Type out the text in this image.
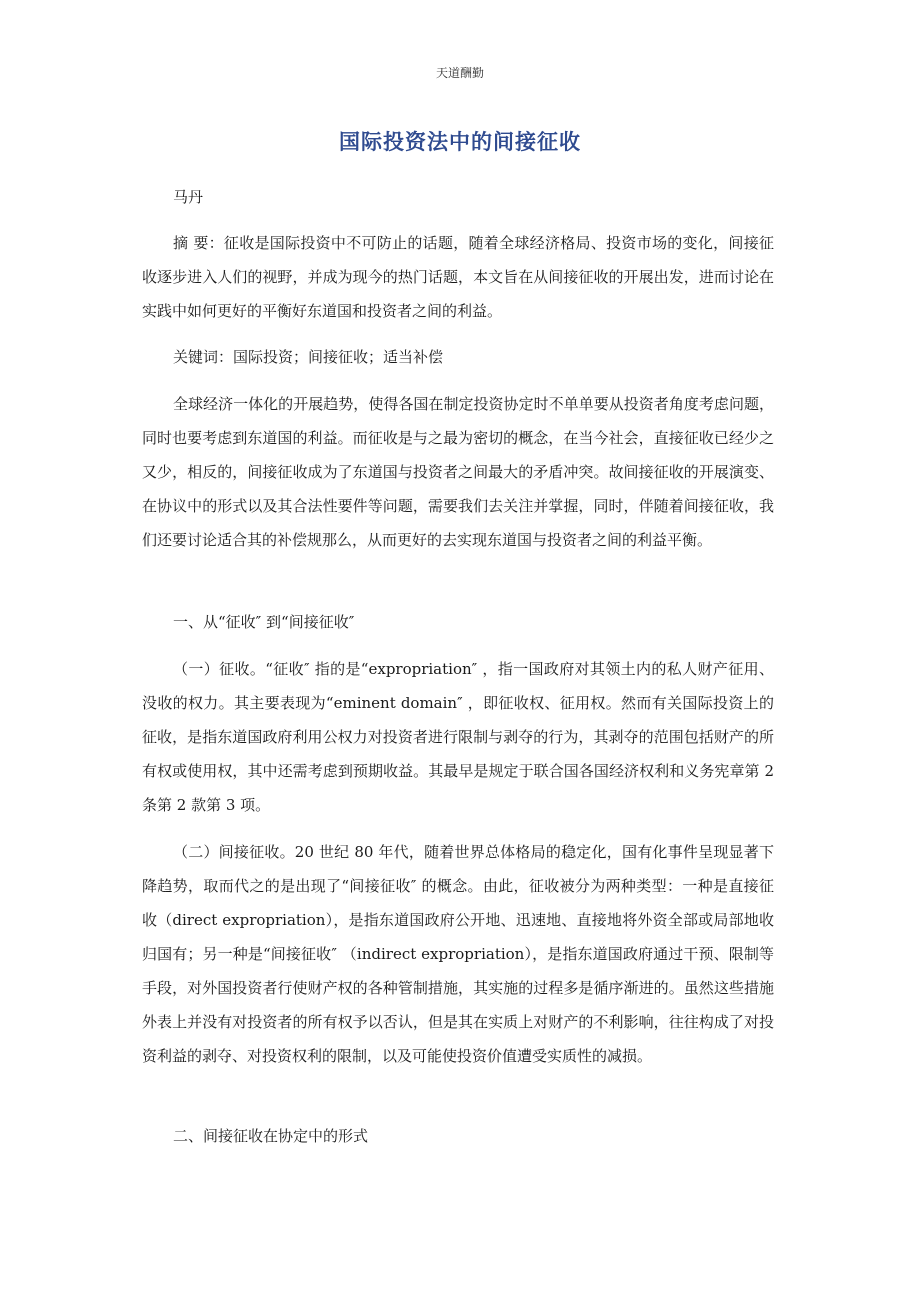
天道酬勤
国际投资法中的间接征收

马丹

摘 要：征收是国际投资中不可防止的话题，随着全球经济格局、投资市场的变化，间接征收逐步进入人们的视野，并成为现今的热门话题，本文旨在从间接征收的开展出发，进而讨论在实践中如何更好的平衡好东道国和投资者之间的利益。

关键词：国际投资；间接征收；适当补偿

全球经济一体化的开展趋势，使得各国在制定投资协定时不单单要从投资者角度考虑问题，同时也要考虑到东道国的利益。而征收是与之最为密切的概念，在当今社会，直接征收已经少之又少，相反的，间接征收成为了东道国与投资者之间最大的矛盾冲突。故间接征收的开展演变、在协议中的形式以及其合法性要件等问题，需要我们去关注并掌握，同时，伴随着间接征收，我们还要讨论适合其的补偿规那么，从而更好的去实现东道国与投资者之间的利益平衡。

一、从“征收″ 到“间接征收″

（一）征收。“征收″ 指的是“expropriation″ ，指一国政府对其领土内的私人财产征用、没收的权力。其主要表现为“eminent domain″ ，即征收权、征用权。然而有关国际投资上的征收，是指东道国政府利用公权力对投资者进行限制与剥夺的行为，其剥夺的范围包括财产的所有权或使用权，其中还需考虑到预期收益。其最早是规定于联合国各国经济权利和义务宪章第 2 条第 2 款第 3 项。

（二）间接征收。20 世纪 80 年代，随着世界总体格局的稳定化，国有化事件呈现显著下降趋势，取而代之的是出现了“间接征收″ 的概念。由此，征收被分为两种类型：一种是直接征收（direct expropriation），是指东道国政府公开地、迅速地、直接地将外资全部或局部地收归国有；另一种是“间接征收″ （indirect expropriation），是指东道国政府通过干预、限制等手段，对外国投资者行使财产权的各种管制措施，其实施的过程多是循序渐进的。虽然这些措施外表上并没有对投资者的所有权予以否认，但是其在实质上对财产的不利影响，往往构成了对投资利益的剥夺、对投资权利的限制，以及可能使投资价值遭受实质性的减损。

二、间接征收在协定中的形式
